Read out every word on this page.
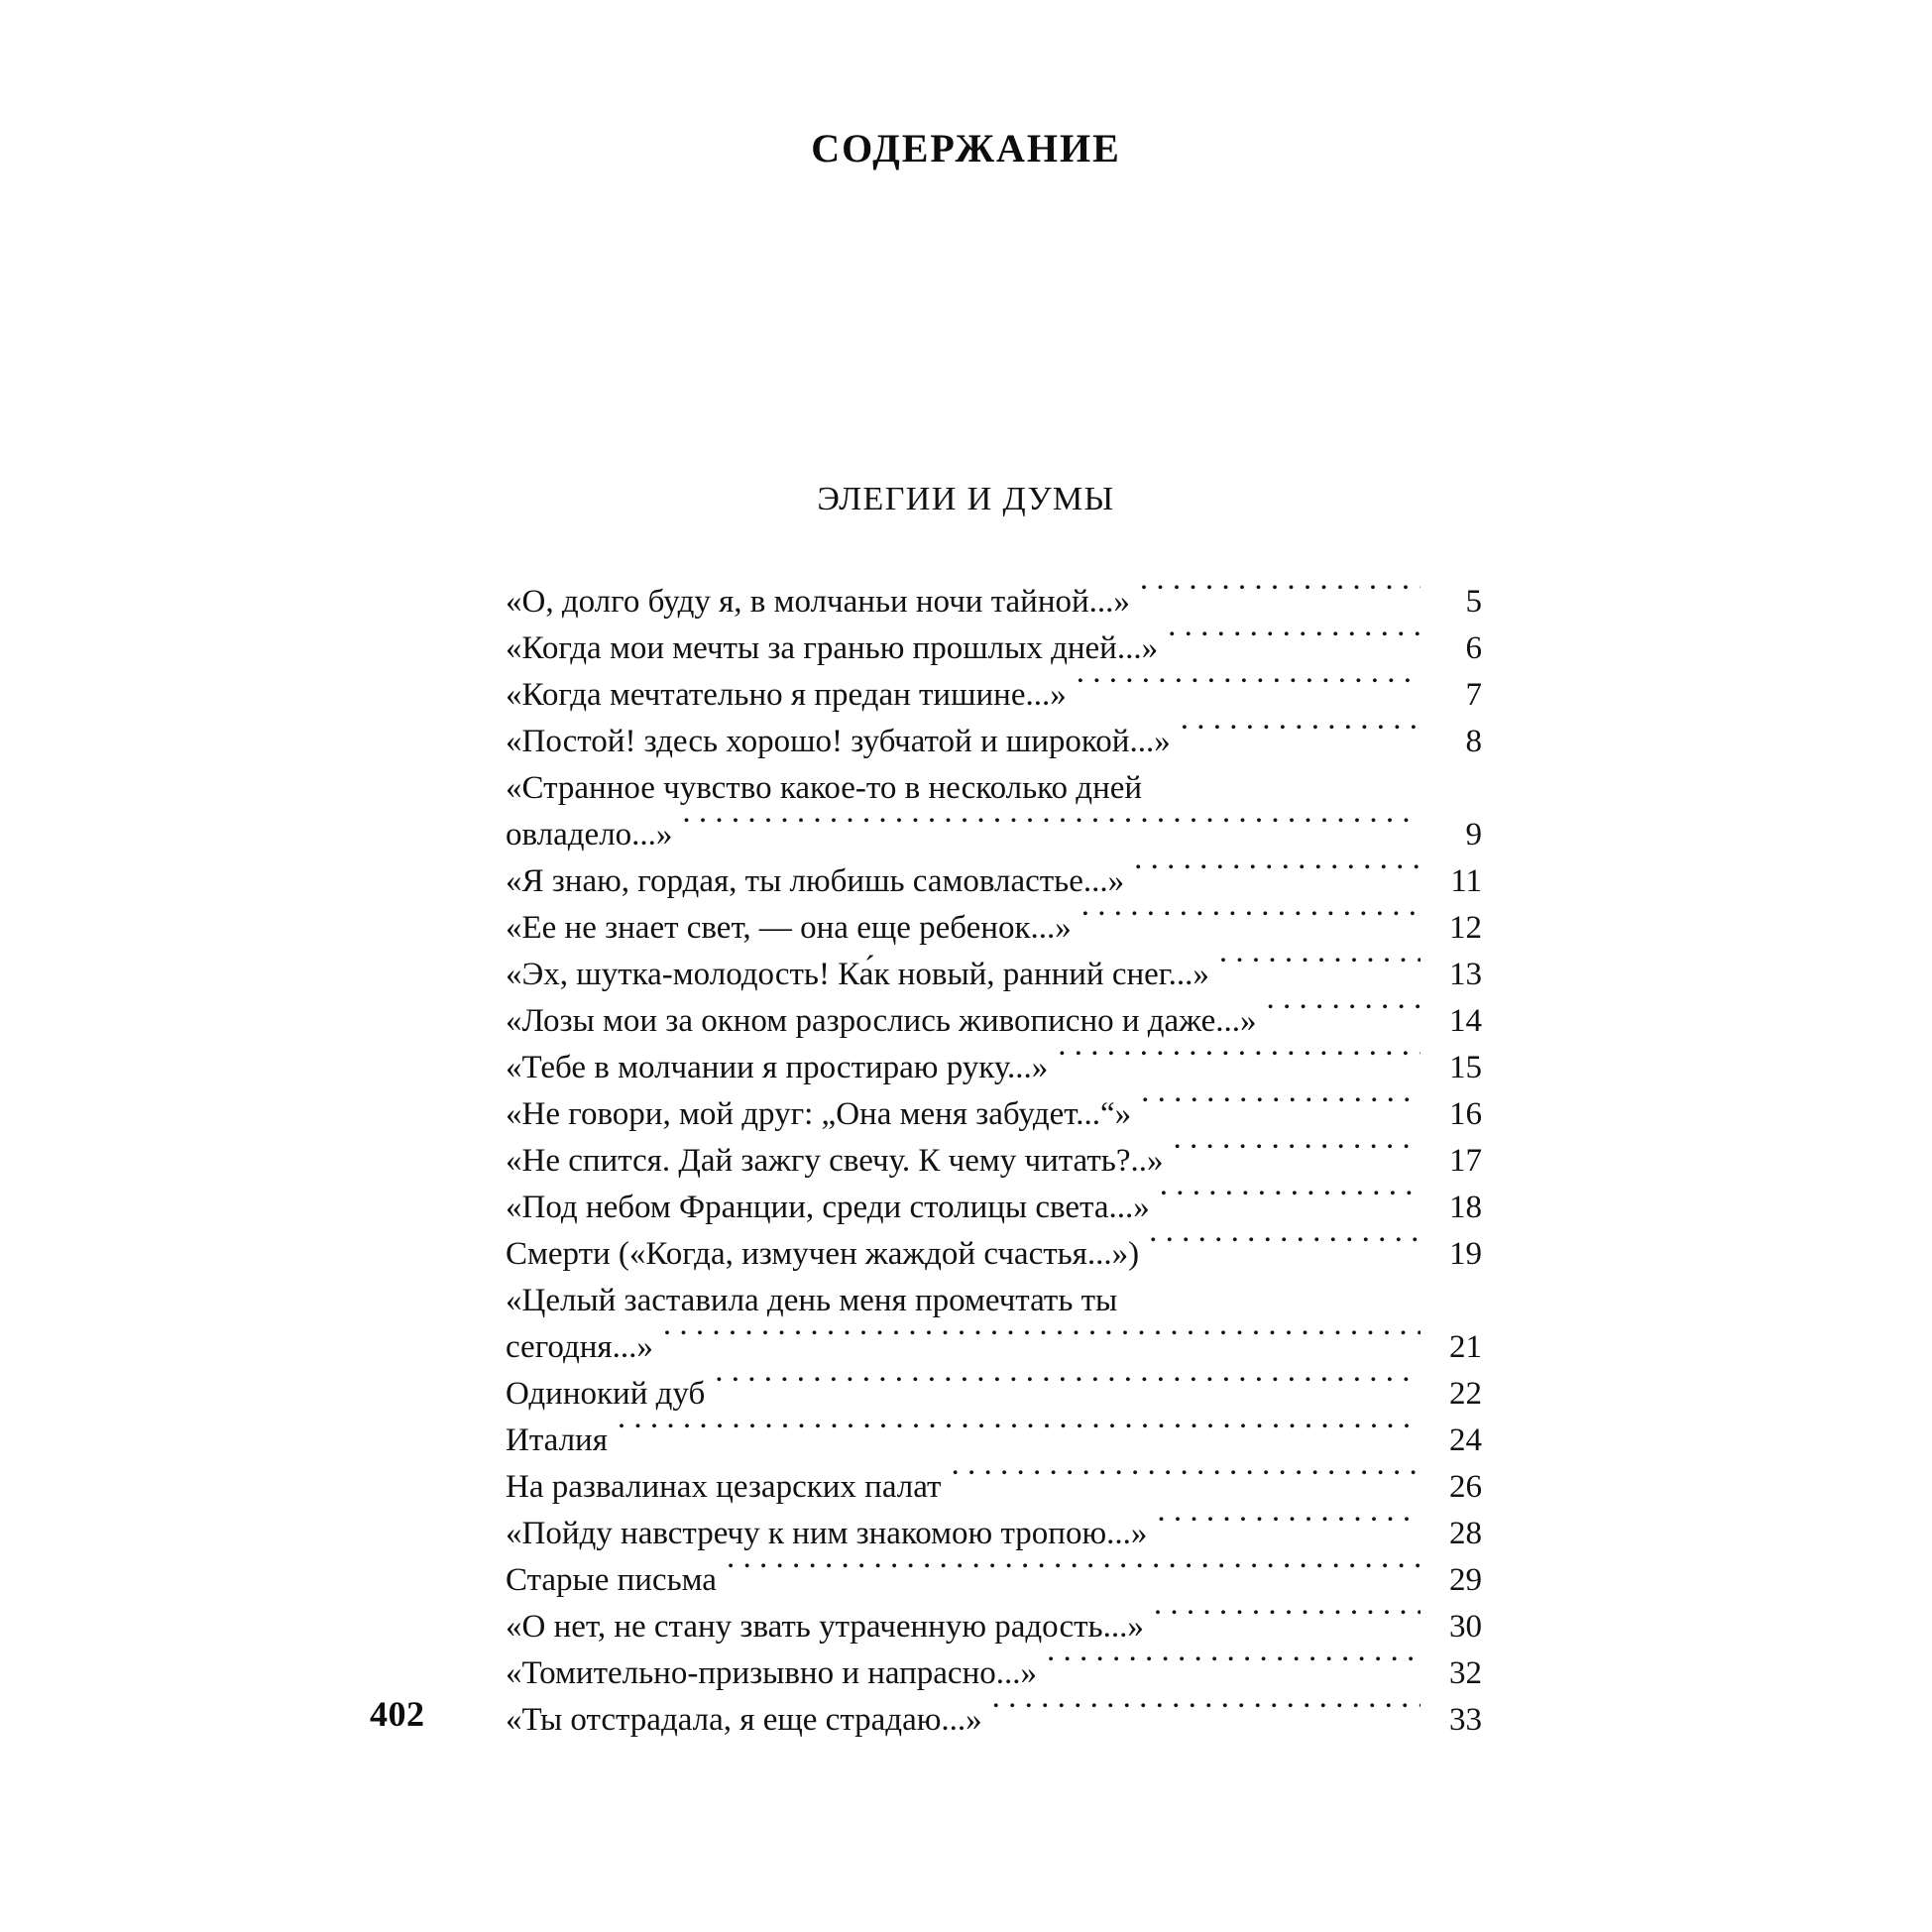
СОДЕРЖАНИЕ
ЭЛЕГИИ И ДУМЫ
«О, долго буду я, в молчаньи ночи тайной...» . . .	5
«Когда мои мечты за гранью прошлых дней...» . . .	6
«Когда мечтательно я предан тишине...» . . .	7
«Постой! здесь хорошо! зубчатой и широкой...» . . .	8
«Странное чувство какое-то в несколько дней
овладело...» . . .	9
«Я знаю, гордая, ты любишь самовластье...» . . .	11
«Ее не знает свет, — она еще ребенок...» . . .	12
«Эх, шутка-молодость! Ка́к новый, ранний снег...» . . .	13
«Лозы мои за окном разрослись живописно и даже...» . . .	14
«Тебе в молчании я простираю руку...» . . .	15
«Не говори, мой друг: „Она меня забудет...“» . . .	16
«Не спится. Дай зажгу свечу. К чему читать?..» . . .	17
«Под небом Франции, среди столицы света...» . . .	18
Смерти («Когда, измучен жаждой счастья...») . . .	19
«Целый заставила день меня промечтать ты
сегодня...» . . .	21
Одинокий дуб . . .	22
Италия . . .	24
На развалинах цезарских палат . . .	26
«Пойду навстречу к ним знакомою тропою...» . . .	28
Старые письма . . .	29
«О нет, не стану звать утраченную радость...» . . .	30
«Томительно-призывно и напрасно...» . . .	32
«Ты отстрадала, я еще страдаю...» . . .	33
402
